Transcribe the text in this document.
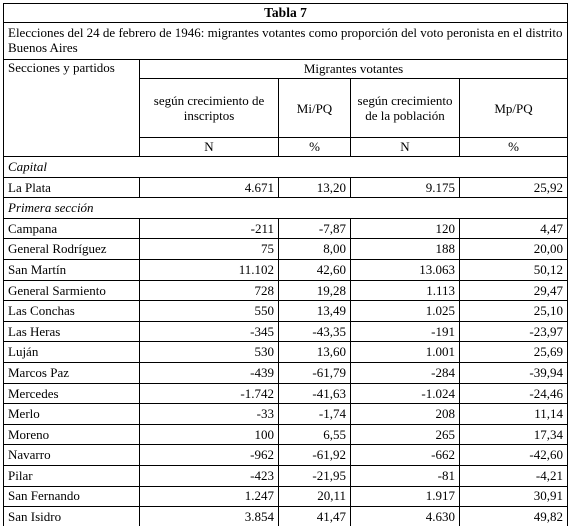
Tabla 7				
Elecciones del 24 de febrero de 1946: migrantes votantes como proporción del voto peronista en el distrito Buenos Aires				
Secciones y partidos	Migrantes votantes			
	según crecimiento de inscriptos	Mi/PQ	según crecimiento de la población	Mp/PQ
	N	%	N	%
Capital				
La Plata	4.671	13,20	9.175	25,92
Primera sección				
Campana	-211	-7,87	120	4,47
General Rodríguez	75	8,00	188	20,00
San Martín	11.102	42,60	13.063	50,12
General Sarmiento	728	19,28	1.113	29,47
Las Conchas	550	13,49	1.025	25,10
Las Heras	-345	-43,35	-191	-23,97
Luján	530	13,60	1.001	25,69
Marcos Paz	-439	-61,79	-284	-39,94
Mercedes	-1.742	-41,63	-1.024	-24,46
Merlo	-33	-1,74	208	11,14
Moreno	100	6,55	265	17,34
Navarro	-962	-61,92	-662	-42,60
Pilar	-423	-21,95	-81	-4,21
San Fernando	1.247	20,11	1.917	30,91
San Isidro	3.854	41,47	4.630	49,82
